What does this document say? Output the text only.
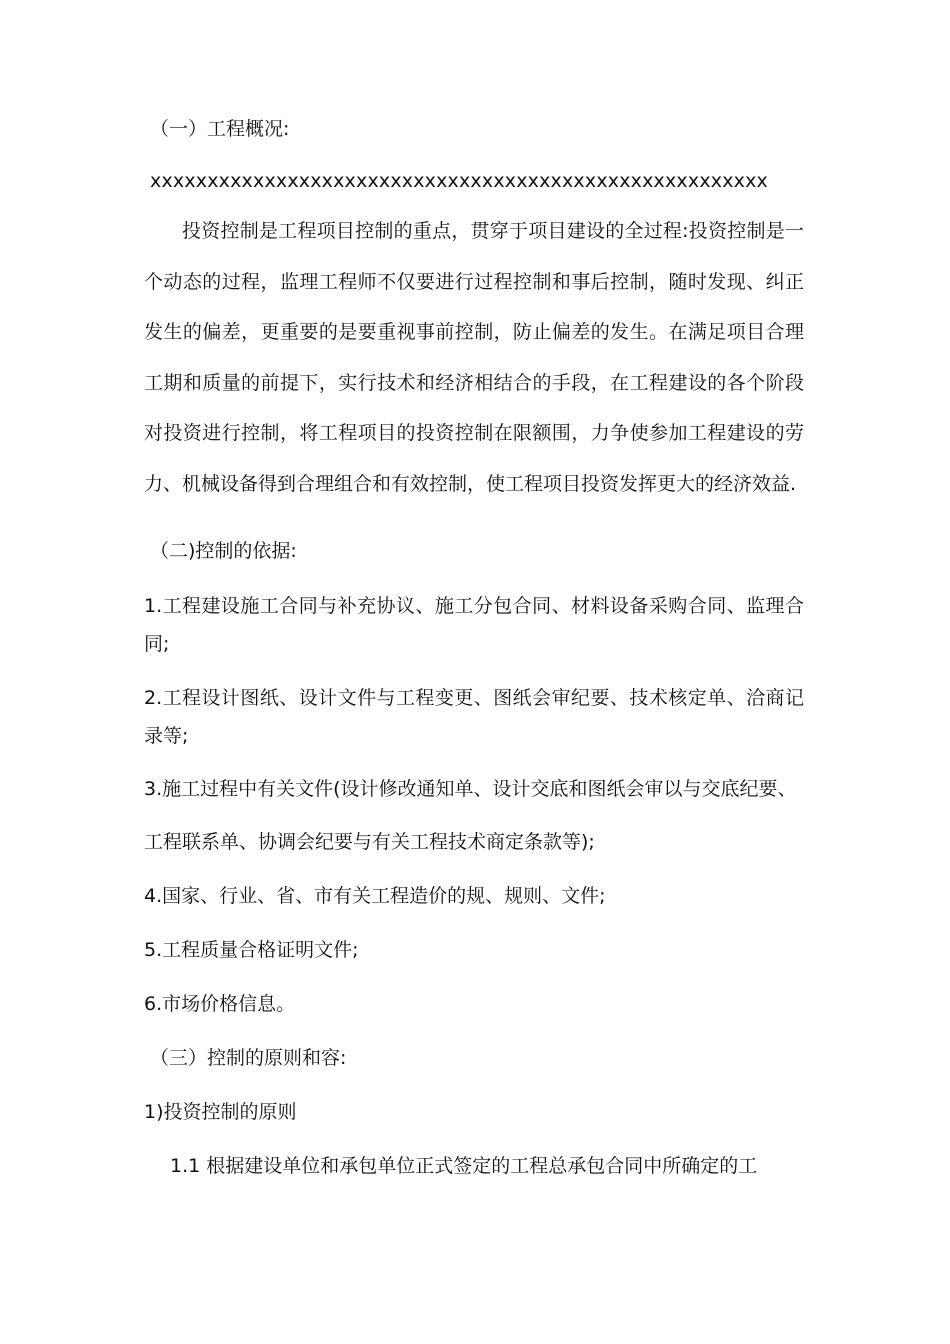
（一）工程概况:
xxxxxxxxxxxxxxxxxxxxxxxxxxxxxxxxxxxxxxxxxxxxxxxxxxxxxx
投资控制是工程项目控制的重点，贯穿于项目建设的全过程:投资控制是一个动态的过程，监理工程师不仅要进行过程控制和事后控制，随时发现、纠正发生的偏差，更重要的是要重视事前控制，防止偏差的发生。在满足项目合理工期和质量的前提下，实行技术和经济相结合的手段，在工程建设的各个阶段对投资进行控制，将工程项目的投资控制在限额围，力争使参加工程建设的劳力、机械设备得到合理组合和有效控制，使工程项目投资发挥更大的经济效益.
（二)控制的依据:
1.工程建设施工合同与补充协议、施工分包合同、材料设备采购合同、监理合同;
2.工程设计图纸、设计文件与工程变更、图纸会审纪要、技术核定单、洽商记录等;
3.施工过程中有关文件(设计修改通知单、设计交底和图纸会审以与交底纪要、
工程联系单、协调会纪要与有关工程技术商定条款等);
4.国家、行业、省、市有关工程造价的规、规则、文件;
5.工程质量合格证明文件;
6.市场价格信息。
（三）控制的原则和容:
1)投资控制的原则
1.1 根据建设单位和承包单位正式签定的工程总承包合同中所确定的工
